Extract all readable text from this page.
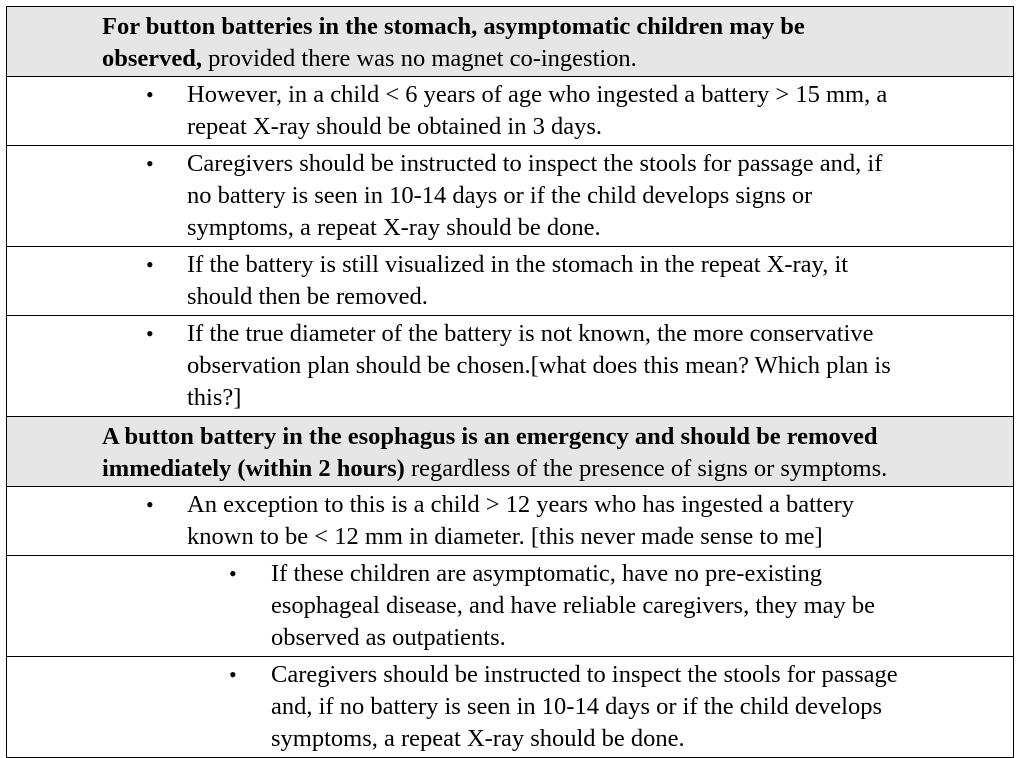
For button batteries in the stomach, asymptomatic children may be
observed, provided there was no magnet co-ingestion.

• However, in a child < 6 years of age who ingested a battery > 15 mm, a
repeat X-ray should be obtained in 3 days.

• Caregivers should be instructed to inspect the stools for passage and, if
no battery is seen in 10-14 days or if the child develops signs or
symptoms, a repeat X-ray should be done.

• If the battery is still visualized in the stomach in the repeat X-ray, it
should then be removed.

• If the true diameter of the battery is not known, the more conservative
observation plan should be chosen.[what does this mean? Which plan is
this?]

A button battery in the esophagus is an emergency and should be removed
immediately (within 2 hours) regardless of the presence of signs or symptoms.

• An exception to this is a child > 12 years who has ingested a battery
known to be < 12 mm in diameter. [this never made sense to me]

• If these children are asymptomatic, have no pre-existing
esophageal disease, and have reliable caregivers, they may be
observed as outpatients.

• Caregivers should be instructed to inspect the stools for passage
and, if no battery is seen in 10-14 days or if the child develops
symptoms, a repeat X-ray should be done.
